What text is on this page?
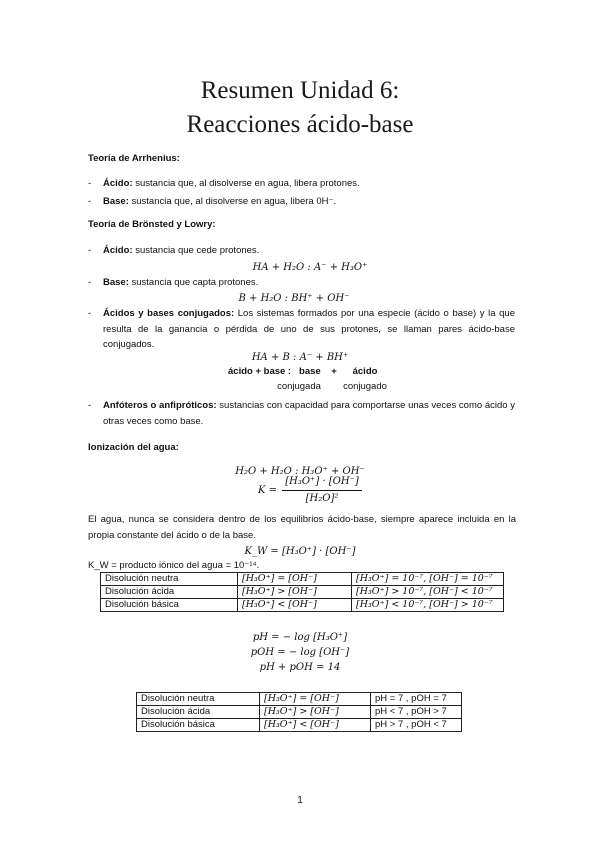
Resumen Unidad 6:
Reacciones ácido-base
Teoría de Arrhenius:
- Ácido: sustancia que, al disolverse en agua, libera protones.
- Base: sustancia que, al disolverse en agua, libera 0H⁻.
Teoría de Brönsted y Lowry:
- Ácido: sustancia que cede protones.
HA + H₂O : A⁻ + H₃O⁺
- Base: sustancia que capta protones.
B + H₂O : BH⁺ + OH⁻
- Ácidos y bases conjugados: Los sistemas formados por una especie (ácido o base) y la que resulta de la ganancia o pérdida de uno de sus protones, se llaman pares ácido-base conjugados.
HA + B : A⁻ + BH⁺
ácido + base :   base    +      ácido
conjugada	conjugado
- Anfóteros o anfipróticos: sustancias con capacidad para comportarse unas veces como ácido y otras veces como base.
Ionización del agua:
H₂O + H₂O : H₃O⁺ + OH⁻
K =
[H₃O⁺] · [OH⁻]
[H₂O]²
El agua, nunca se considera dentro de los equilibrios ácido-base, siempre aparece incluida en la propia constante del ácido o de la base.
K_W = [H₃O⁺] · [OH⁻]
K_W = producto iónico del agua = 10⁻¹⁴.
Disolución neutra	[H₃O⁺] = [OH⁻]	[H₃O⁺] = 10⁻⁷, [OH⁻] = 10⁻⁷
Disolución ácida	[H₃O⁺] > [OH⁻]	[H₃O⁺] > 10⁻⁷, [OH⁻] < 10⁻⁷
Disolución básica	[H₃O⁺] < [OH⁻]	[H₃O⁺] < 10⁻⁷, [OH⁻] > 10⁻⁷
pH = − log [H₃O⁺]
pOH = − log [OH⁻]
pH + pOH = 14
Disolución neutra	[H₃O⁺] = [OH⁻]	pH = 7 , pOH = 7
Disolución ácida	[H₃O⁺] > [OH⁻]	pH < 7 , pOH > 7
Disolución básica	[H₃O⁺] < [OH⁻]	pH > 7 , pOH < 7
1
